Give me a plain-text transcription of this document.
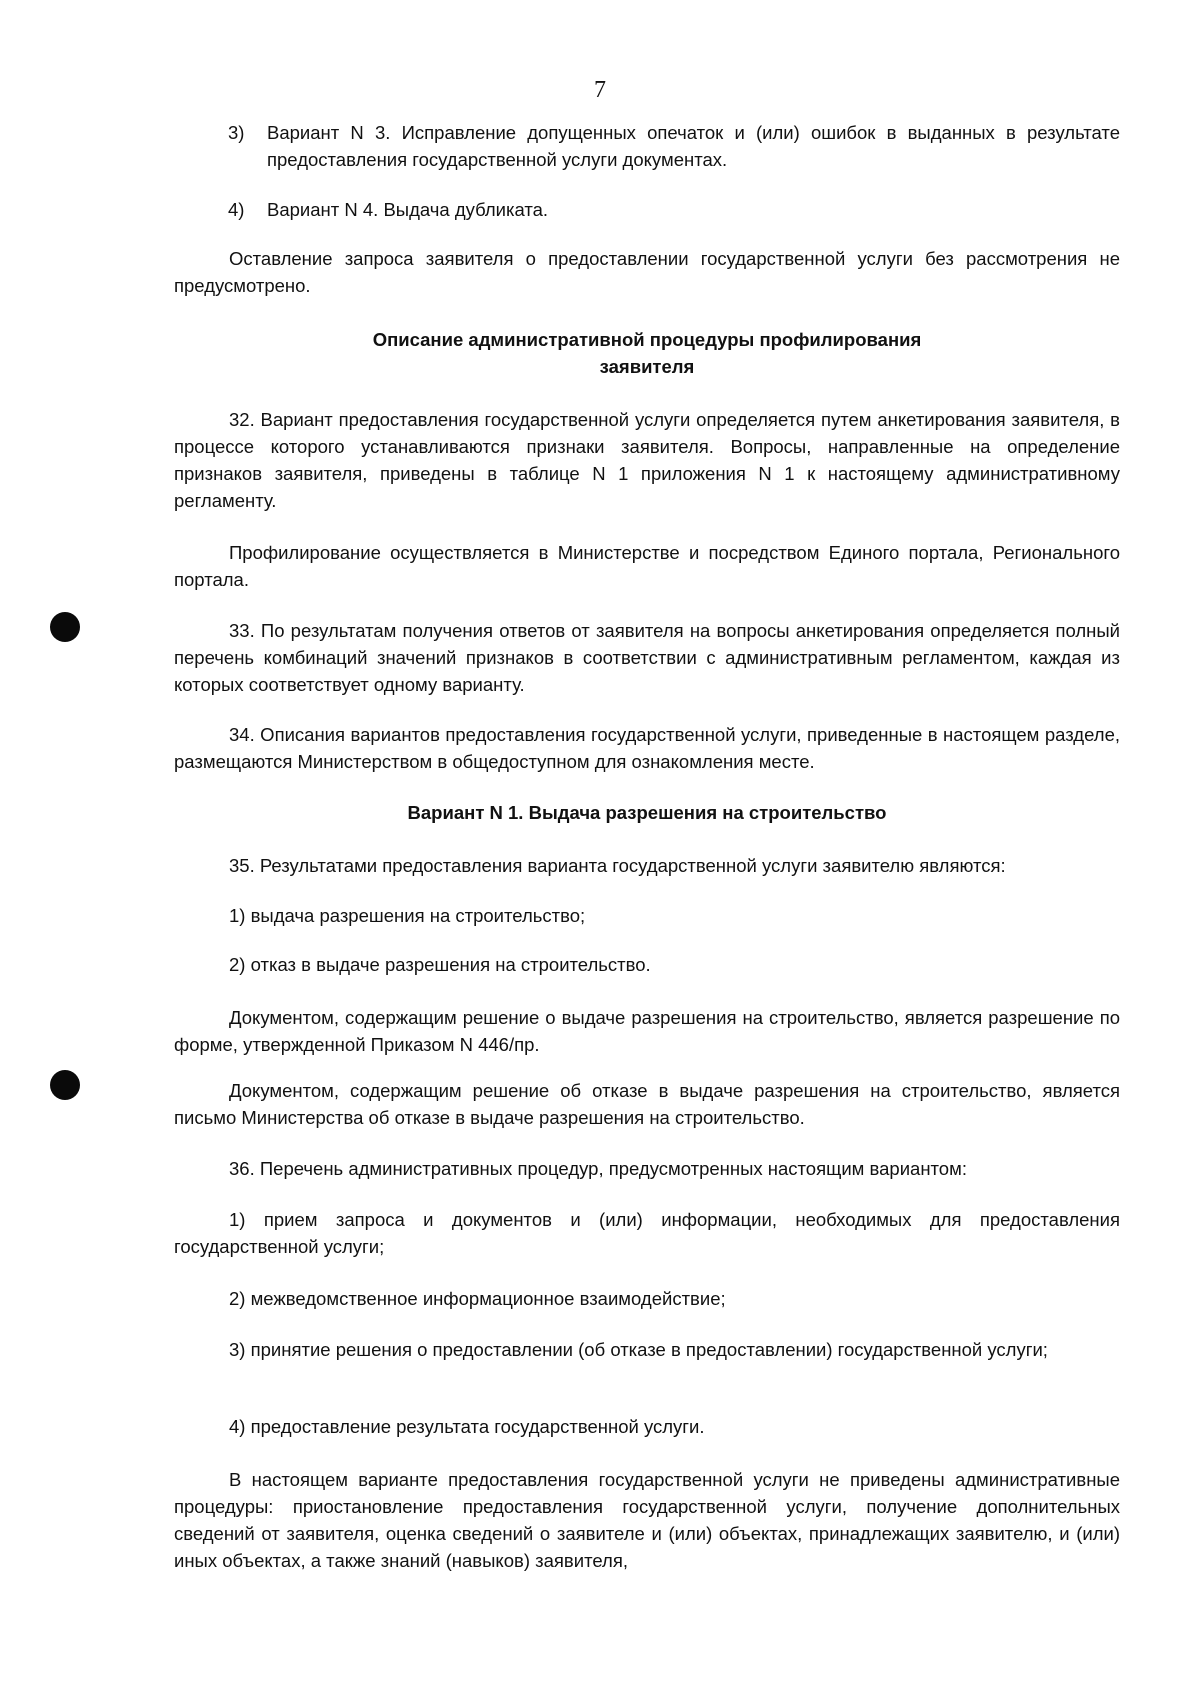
7
3) Вариант N 3. Исправление допущенных опечаток и (или) ошибок в выданных в результате предоставления государственной услуги документах.
4) Вариант N 4. Выдача дубликата.

Оставление запроса заявителя о предоставлении государственной услуги без рассмотрения не предусмотрено.

Описание административной процедуры профилирования

заявителя

32. Вариант предоставления государственной услуги определяется путем анкетирования заявителя, в процессе которого устанавливаются признаки заявителя. Вопросы, направленные на определение признаков заявителя, приведены в таблице N 1 приложения N 1 к настоящему административному регламенту.

Профилирование осуществляется в Министерстве и посредством Единого портала, Регионального портала.

33. По результатам получения ответов от заявителя на вопросы анкетирования определяется полный перечень комбинаций значений признаков в соответствии с административным регламентом, каждая из которых соответствует одному варианту.

34. Описания вариантов предоставления государственной услуги, приведенные в настоящем разделе, размещаются Министерством в общедоступном для ознакомления месте.

Вариант N 1. Выдача разрешения на строительство

35. Результатами предоставления варианта государственной услуги заявителю являются:

1) выдача разрешения на строительство;

2) отказ в выдаче разрешения на строительство.

Документом, содержащим решение о выдаче разрешения на строительство, является разрешение по форме, утвержденной Приказом N 446/пр.

Документом, содержащим решение об отказе в выдаче разрешения на строительство, является письмо Министерства об отказе в выдаче разрешения на строительство.

36. Перечень административных процедур, предусмотренных настоящим вариантом:

1) прием запроса и документов и (или) информации, необходимых для предоставления государственной услуги;

2) межведомственное информационное взаимодействие;

3) принятие решения о предоставлении (об отказе в предоставлении) государственной услуги;

4) предоставление результата государственной услуги.

В настоящем варианте предоставления государственной услуги не приведены административные процедуры: приостановление предоставления государственной услуги, получение дополнительных сведений от заявителя, оценка сведений о заявителе и (или) объектах, принадлежащих заявителю, и (или) иных объектах, а также знаний (навыков) заявителя,
